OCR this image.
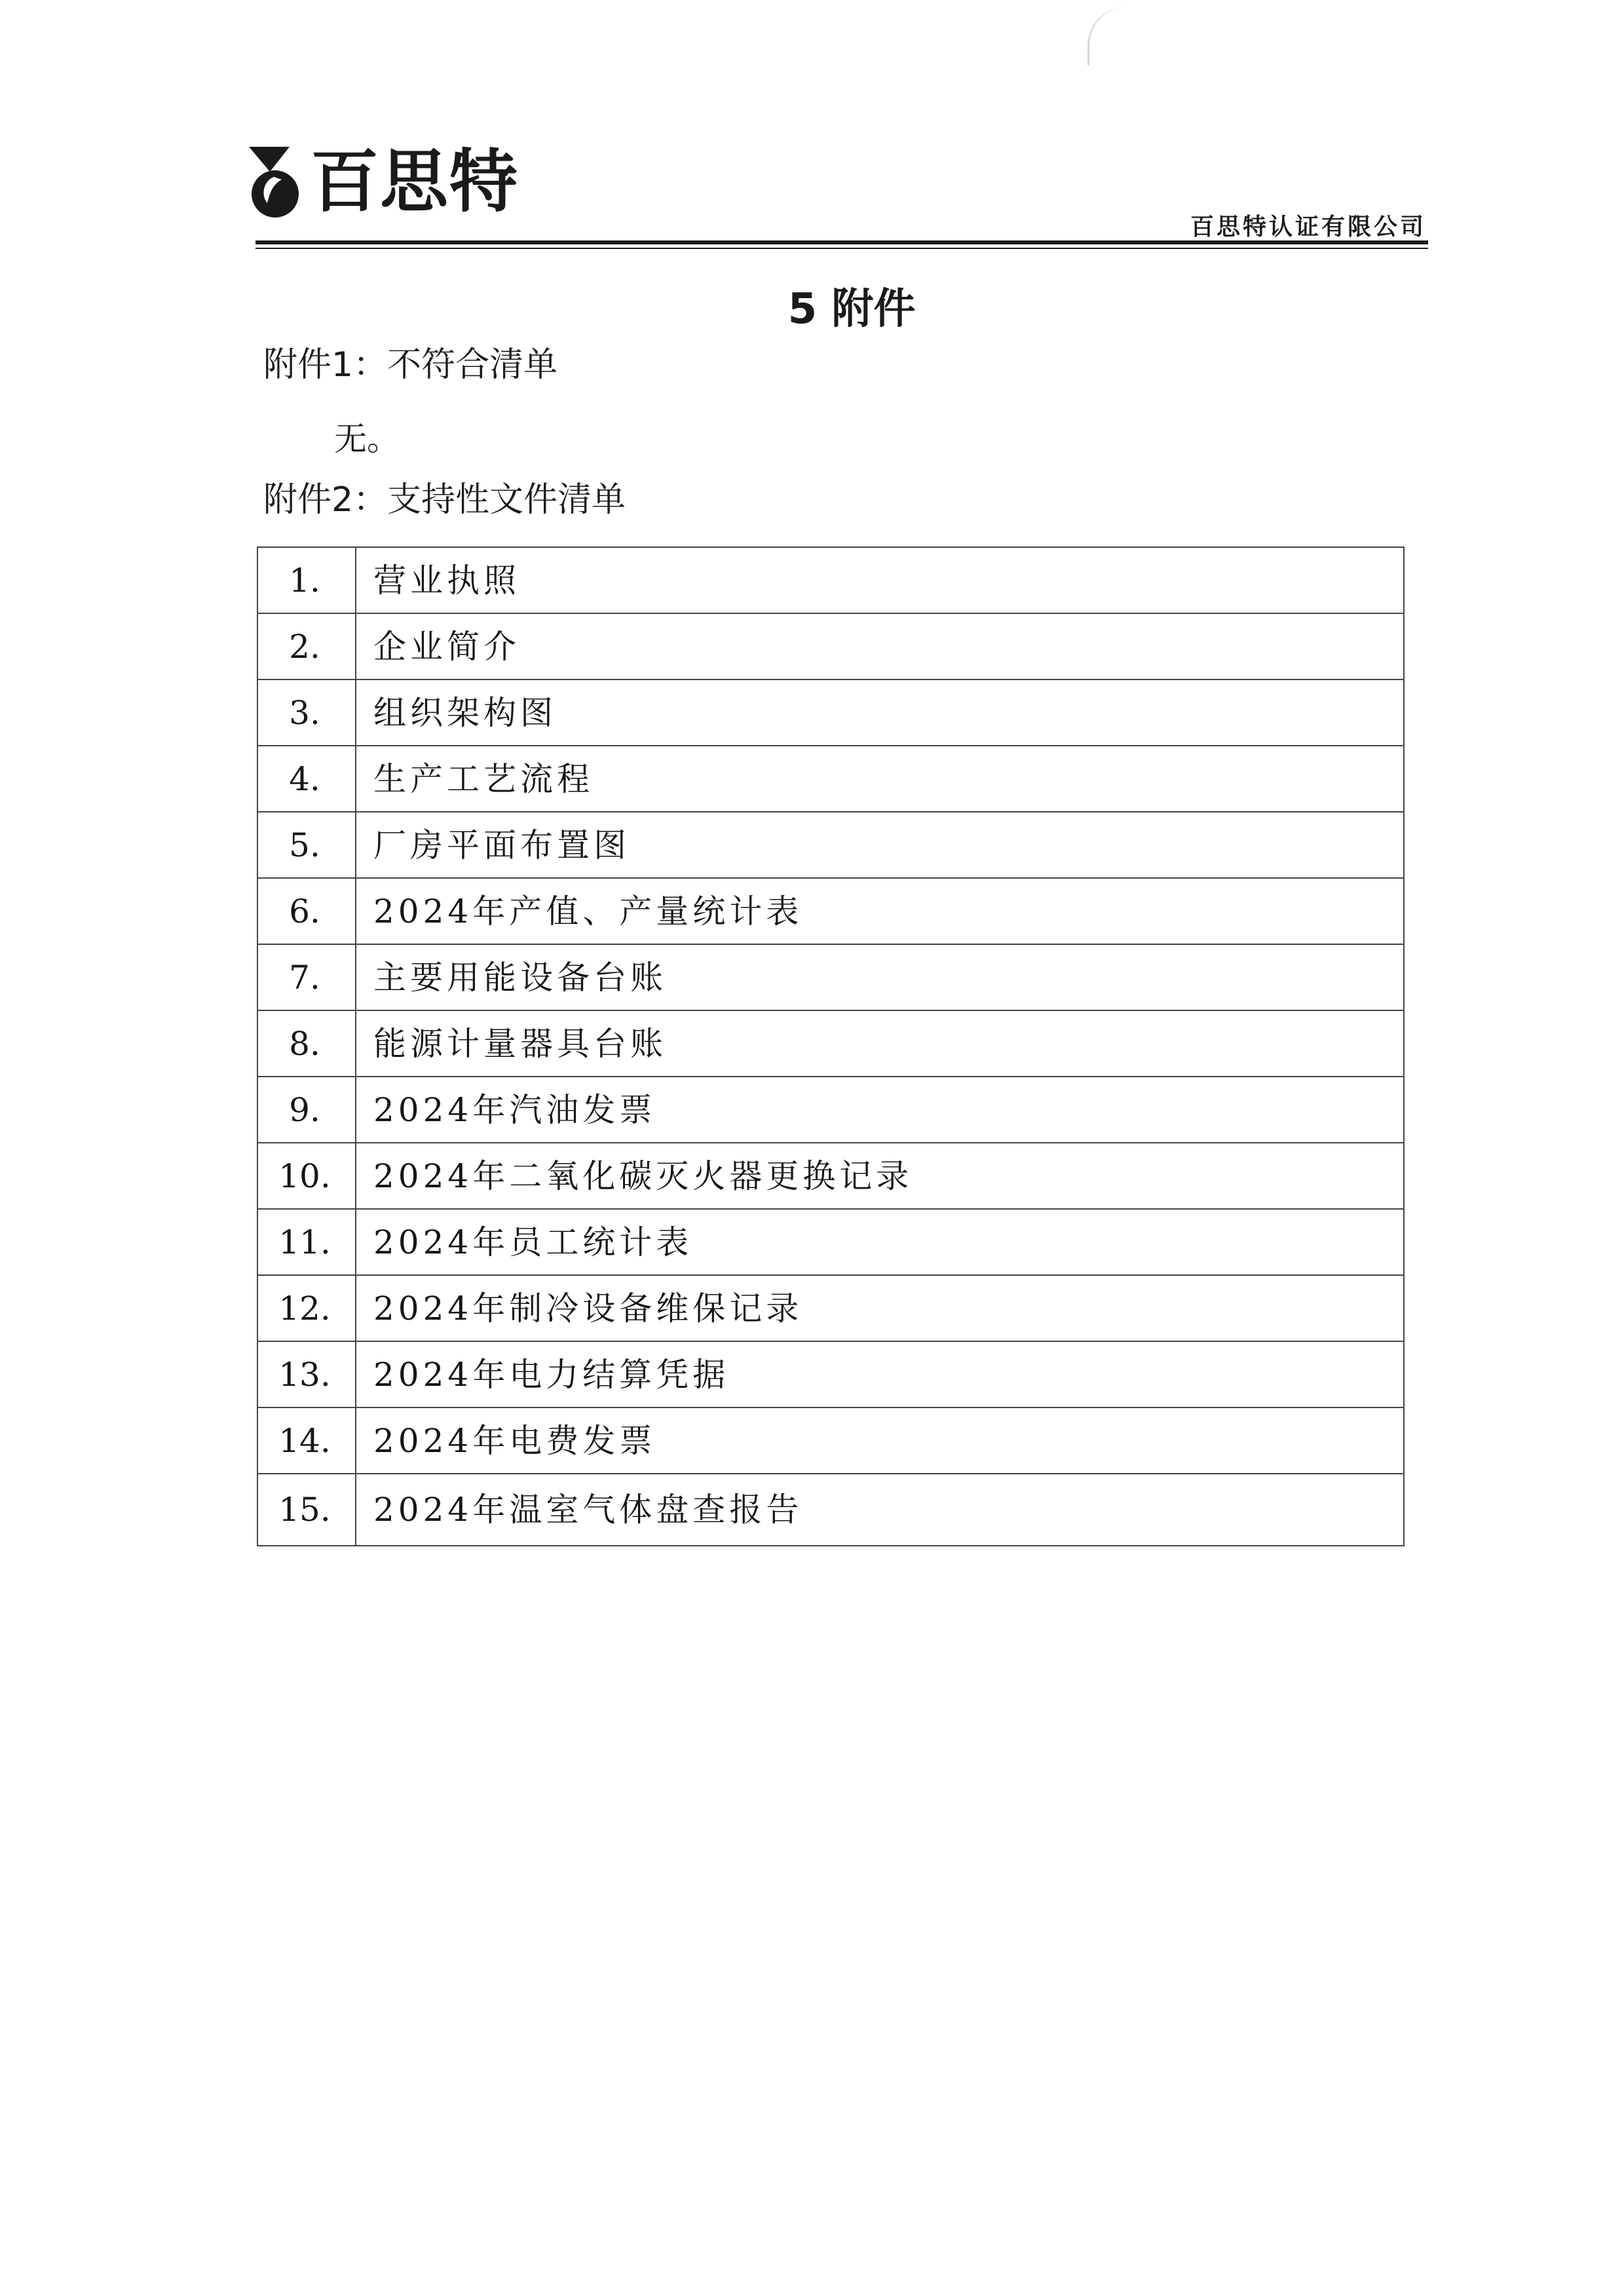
百思特
百思特认证有限公司
5 附件
附件1：不符合清单
无。
附件2：支持性文件清单
1.	营业执照
2.	企业简介
3.	组织架构图
4.	生产工艺流程
5.	厂房平面布置图
6.	2024年产值、产量统计表
7.	主要用能设备台账
8.	能源计量器具台账
9.	2024年汽油发票
10.	2024年二氧化碳灭火器更换记录
11.	2024年员工统计表
12.	2024年制冷设备维保记录
13.	2024年电力结算凭据
14.	2024年电费发票
15.	2024年温室气体盘查报告
